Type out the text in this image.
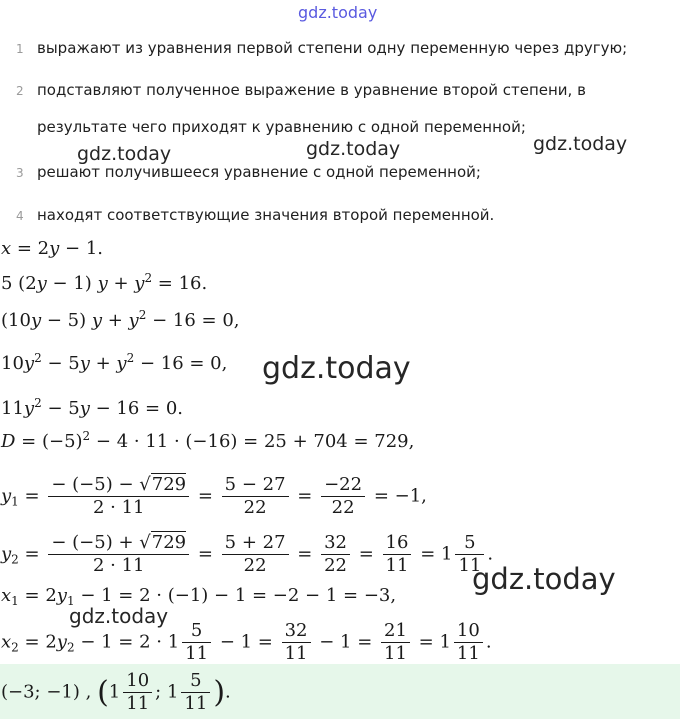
gdz.today
1 выражают из уравнения первой степени одну переменную через другую;
2 подставляют полученное выражение в уравнение второй степени, в результате чего приходят к уравнению с одной переменной;
3 решают получившееся уравнение с одной переменной;
4 находят соответствующие значения второй переменной.
gdz.today	gdz.today	gdz.today
x = 2y − 1.
5 (2y − 1) $y + y^2 = 16$.
(10y − 5) $y + y^2 - 16 = 0$,
$10y^2 - 5y + y^2 - 16 = 0$, gdz.today
$11y^2 - 5y - 16 = 0$.
$D = (-5)^2 - 4 \cdot 11 \cdot (-16) = 25 + 704 = 729$,
$y_1 = \frac{- (-5) - √729}{2 \cdot 11} = \frac{5 - 27}{22} = \frac{-22}{22} = -1$,
$y_2 = \frac{- (-5) + √729}{2 \cdot 11} = \frac{5 + 27}{22} = \frac{32}{22} = \frac{16}{11} = 1 \frac{5}{11}$ .
gdz.today
$x_1 = 2y_1 - 1 = 2 \cdot (-1) - 1 = -2 - 1 = -3$,
gdz.today
$x_2 = 2y_2 - 1 = 2 \cdot 1 \frac{5}{11} - 1 = \frac{32}{11} - 1 = \frac{21}{11} = 1 \frac{10}{11}$ .
(−3; −1) , ($1 \frac{10}{11}$ ; $1 \frac{5}{11}$ ).
